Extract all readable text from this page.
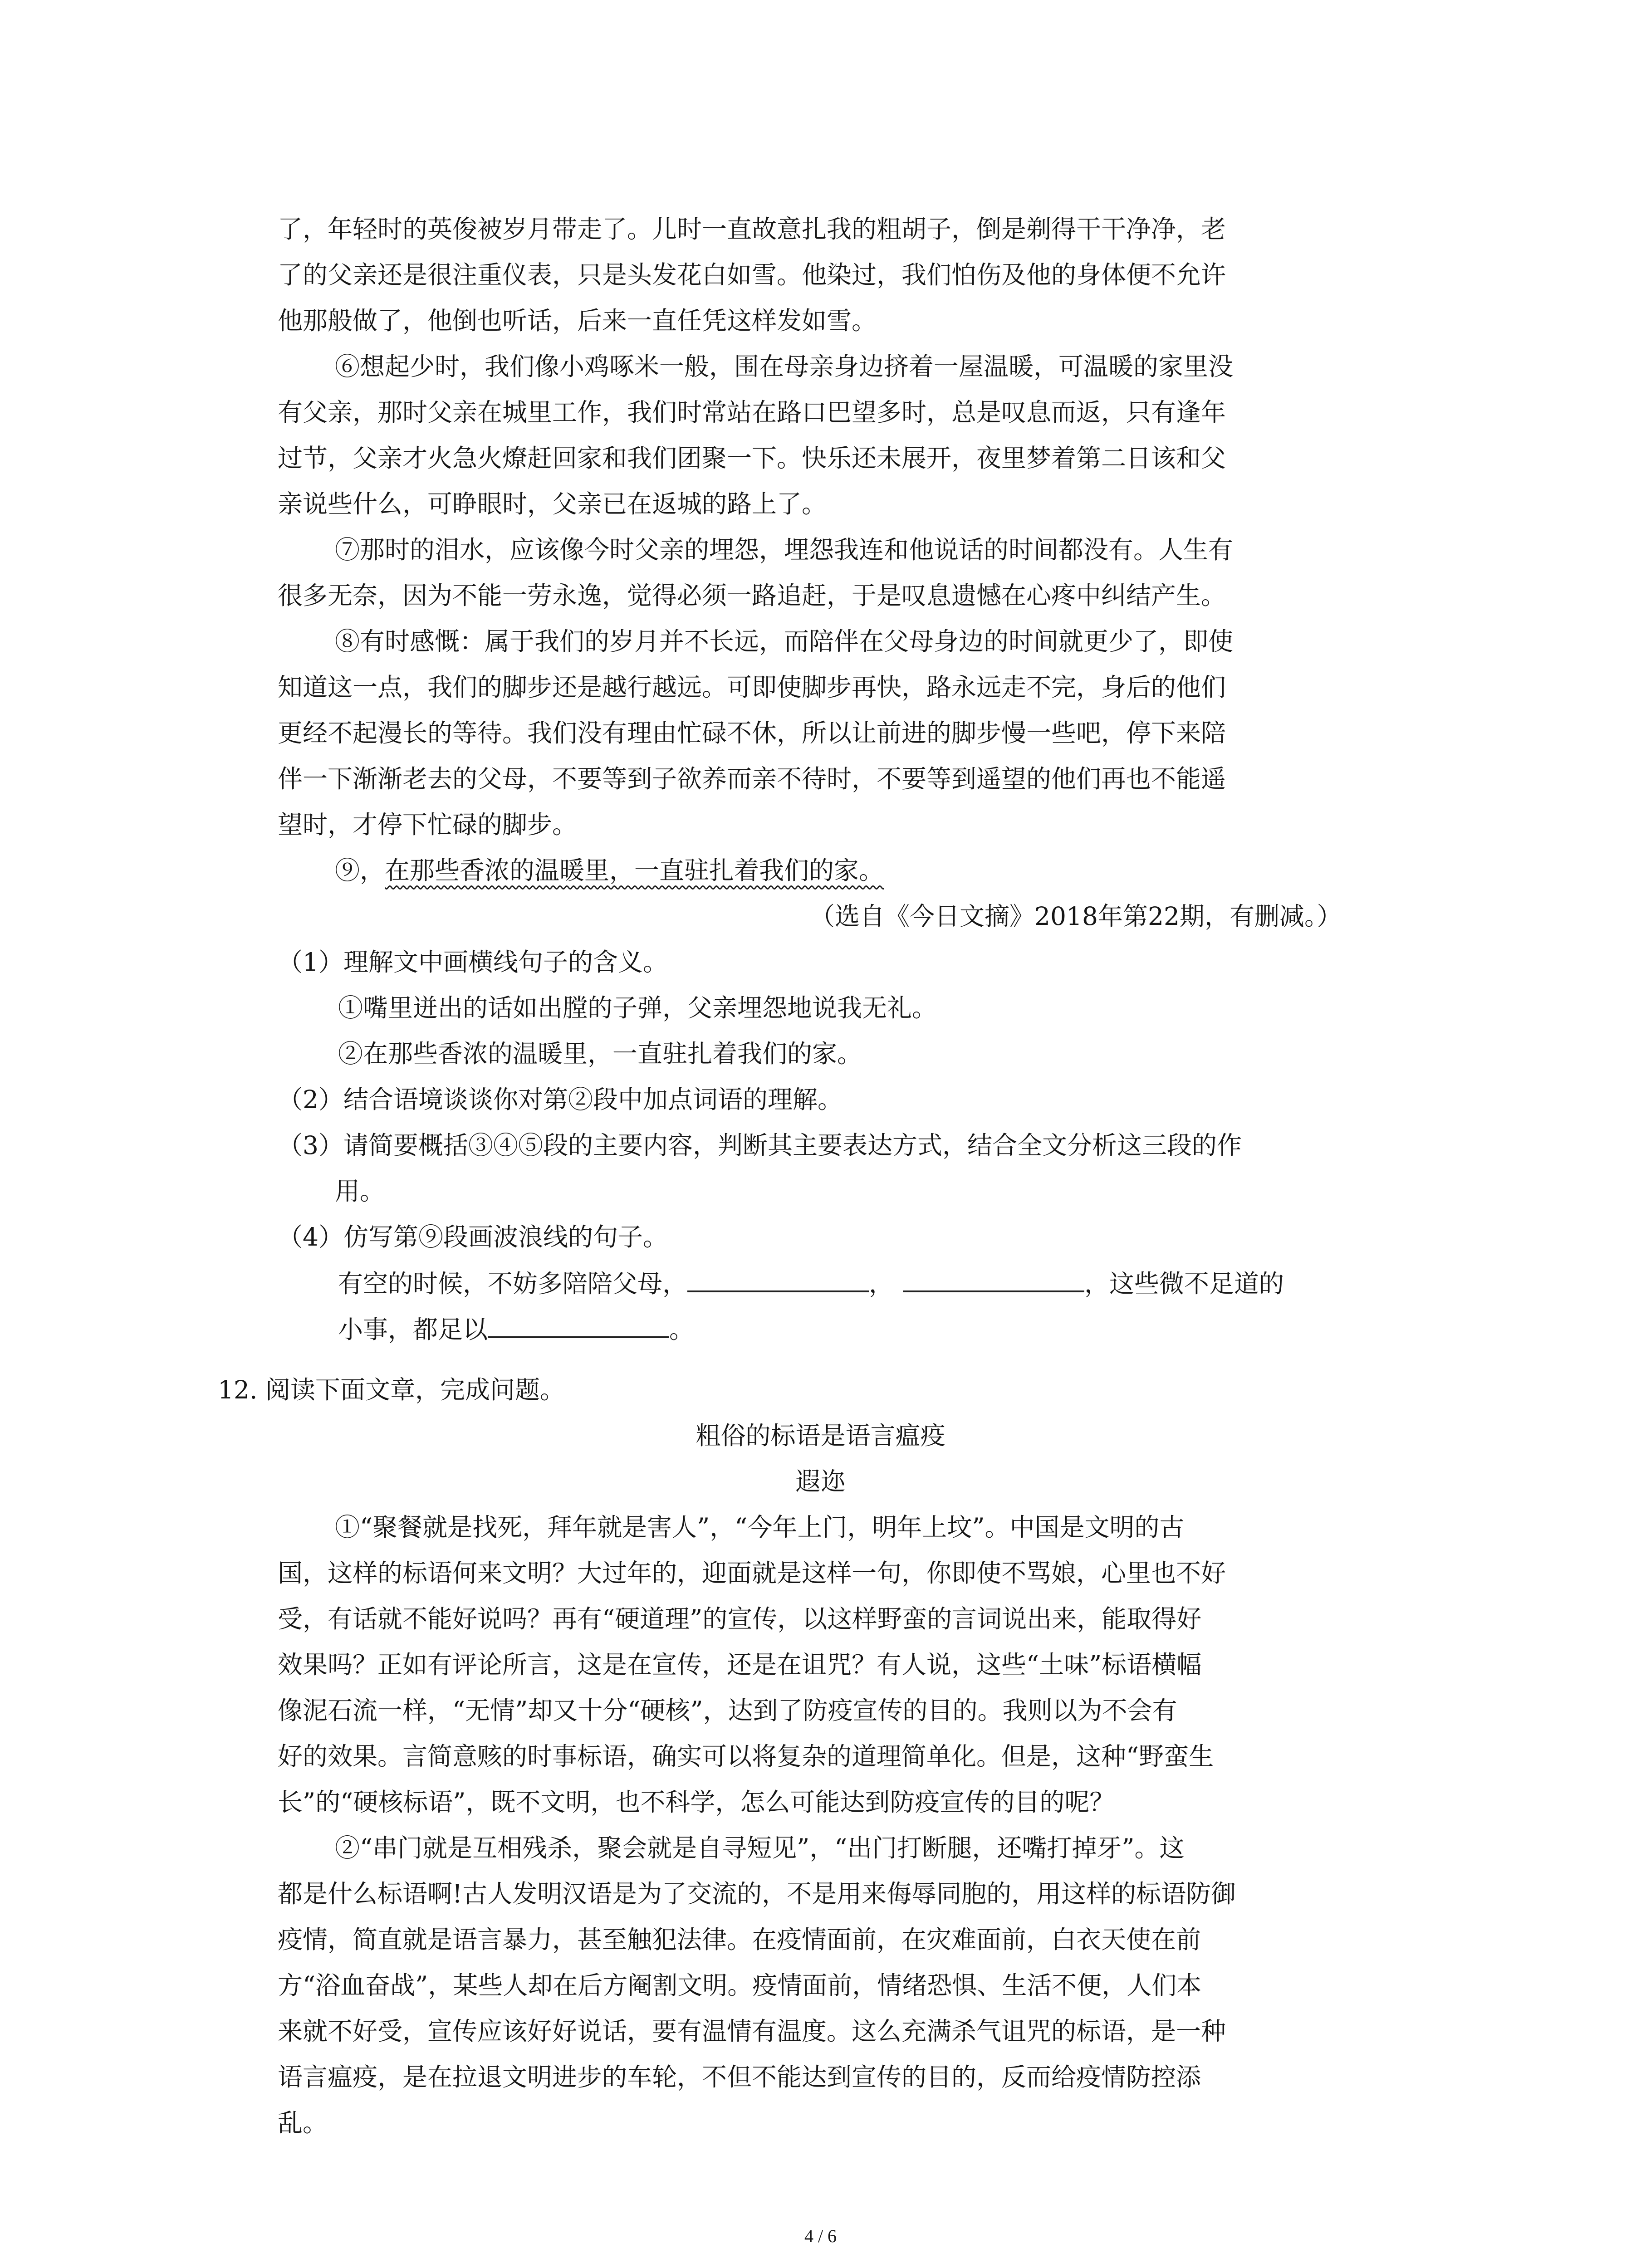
了，年轻时的英俊被岁月带走了。儿时一直故意扎我的粗胡子，倒是剃得干干净净，老
了的父亲还是很注重仪表，只是头发花白如雪。他染过，我们怕伤及他的身体便不允许
他那般做了，他倒也听话，后来一直任凭这样发如雪。
⑥想起少时，我们像小鸡啄米一般，围在母亲身边挤着一屋温暖，可温暖的家里没
有父亲，那时父亲在城里工作，我们时常站在路口巴望多时，总是叹息而返，只有逢年
过节，父亲才火急火燎赶回家和我们团聚一下。快乐还未展开，夜里梦着第二日该和父
亲说些什么，可睁眼时，父亲已在返城的路上了。
⑦那时的泪水，应该像今时父亲的埋怨，埋怨我连和他说话的时间都没有。人生有
很多无奈，因为不能一劳永逸，觉得必须一路追赶，于是叹息遗憾在心疼中纠结产生。
⑧有时感慨：属于我们的岁月并不长远，而陪伴在父母身边的时间就更少了，即使
知道这一点，我们的脚步还是越行越远。可即使脚步再快，路永远走不完，身后的他们
更经不起漫长的等待。我们没有理由忙碌不休，所以让前进的脚步慢一些吧，停下来陪
伴一下渐渐老去的父母，不要等到子欲养而亲不待时，不要等到遥望的他们再也不能遥
望时，才停下忙碌的脚步。
⑨，在那些香浓的温暖里，一直驻扎着我们的家。
（选自《今日文摘》2018年第22期，有删减。）
（1）理解文中画横线句子的含义。
①嘴里迸出的话如出膛的子弹，父亲埋怨地说我无礼。
②在那些香浓的温暖里，一直驻扎着我们的家。
（2）结合语境谈谈你对第②段中加点词语的理解。
（3）请简要概括③④⑤段的主要内容，判断其主要表达方式，结合全文分析这三段的作
用。
（4）仿写第⑨段画波浪线的句子。
有空的时候，不妨多陪陪父母，	，	，这些微不足道的
小事，都足以	。
12. 阅读下面文章，完成问题。
粗俗的标语是语言瘟疫
遐迩
①“聚餐就是找死，拜年就是害人”，“今年上门，明年上坟”。中国是文明的古
国，这样的标语何来文明？大过年的，迎面就是这样一句，你即使不骂娘，心里也不好
受，有话就不能好说吗？再有“硬道理”的宣传，以这样野蛮的言词说出来，能取得好
效果吗？正如有评论所言，这是在宣传，还是在诅咒？有人说，这些“土味”标语横幅
像泥石流一样，“无情”却又十分“硬核”，达到了防疫宣传的目的。我则以为不会有
好的效果。言简意赅的时事标语，确实可以将复杂的道理简单化。但是，这种“野蛮生
长”的“硬核标语”，既不文明，也不科学，怎么可能达到防疫宣传的目的呢？
②“串门就是互相残杀，聚会就是自寻短见”，“出门打断腿，还嘴打掉牙”。这
都是什么标语啊!古人发明汉语是为了交流的，不是用来侮辱同胞的，用这样的标语防御
疫情，简直就是语言暴力，甚至触犯法律。在疫情面前，在灾难面前，白衣天使在前
方“浴血奋战”，某些人却在后方阉割文明。疫情面前，情绪恐惧、生活不便，人们本
来就不好受，宣传应该好好说话，要有温情有温度。这么充满杀气诅咒的标语，是一种
语言瘟疫，是在拉退文明进步的车轮，不但不能达到宣传的目的，反而给疫情防控添
乱。
4 / 6
